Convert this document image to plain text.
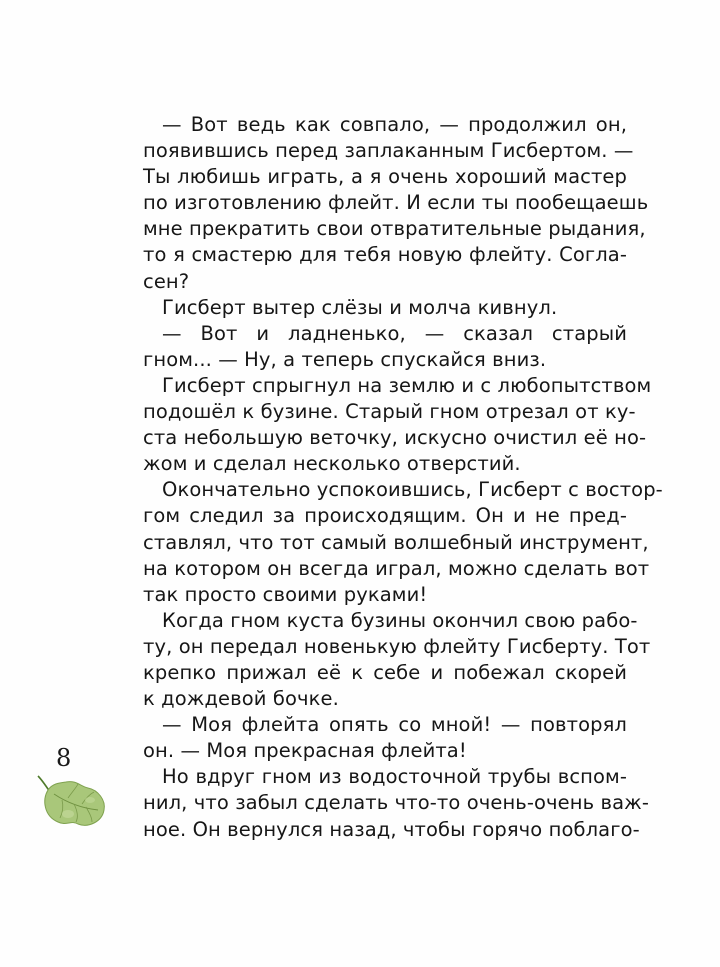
— Вот ведь как совпало, — продолжил он,
появившись перед заплаканным Гисбертом. —
Ты любишь играть, а я очень хороший мастер
по изготовлению флейт. И если ты пообещаешь
мне прекратить свои отвратительные рыдания,
то я смастерю для тебя новую флейту. Согла-
сен?
Гисберт вытер слёзы и молча кивнул.
— Вот и ладненько, — сказал старый
гном... — Ну, а теперь спускайся вниз.
Гисберт спрыгнул на землю и с любопытством
подошёл к бузине. Старый гном отрезал от ку-
ста небольшую веточку, искусно очистил её но-
жом и сделал несколько отверстий.
Окончательно успокоившись, Гисберт с востор-
гом следил за происходящим. Он и не пред-
ставлял, что тот самый волшебный инструмент,
на котором он всегда играл, можно сделать вот
так просто своими руками!
Когда гном куста бузины окончил свою рабо-
ту, он передал новенькую флейту Гисберту. Тот
крепко прижал её к себе и побежал скорей
к дождевой бочке.
— Моя флейта опять со мной! — повторял
он. — Моя прекрасная флейта!
Но вдруг гном из водосточной трубы вспом-
нил, что забыл сделать что-то очень-очень важ-
ное. Он вернулся назад, чтобы горячо поблаго-
8
